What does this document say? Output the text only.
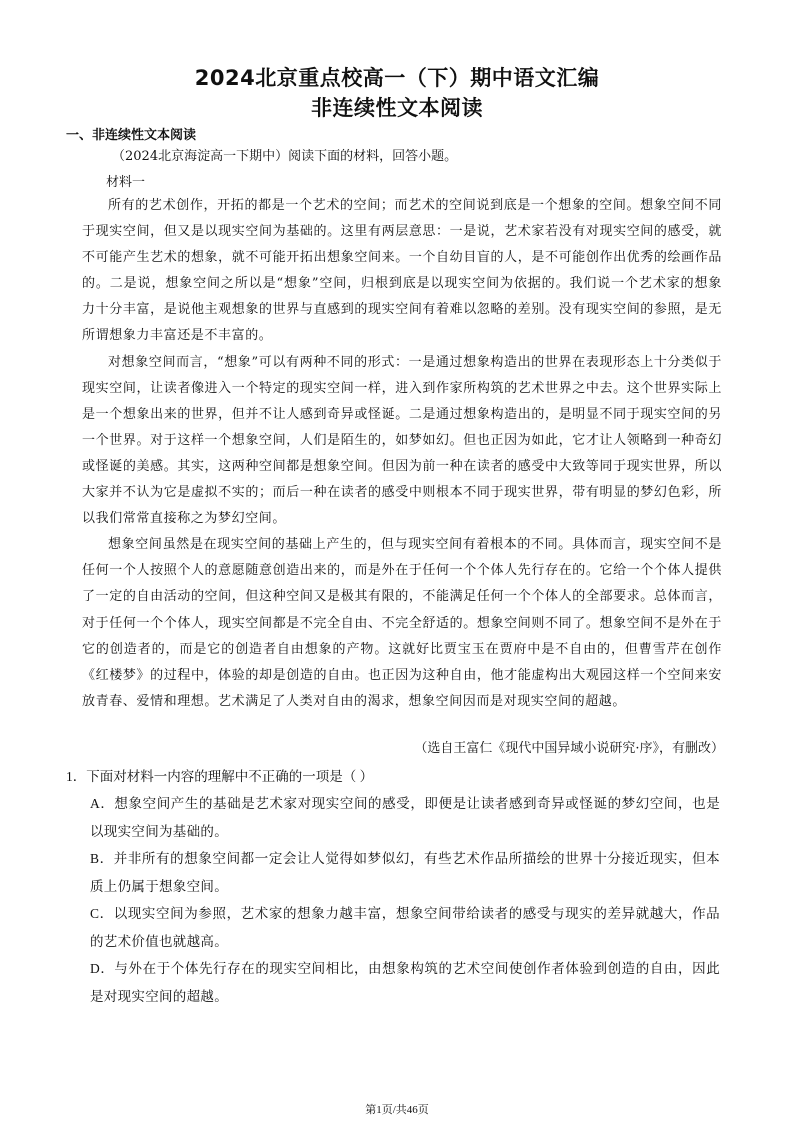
2024北京重点校高一（下）期中语文汇编
非连续性文本阅读
一、非连续性文本阅读
（2024北京海淀高一下期中）阅读下面的材料，回答小题。
材料一

所有的艺术创作，开拓的都是一个艺术的空间；而艺术的空间说到底是一个想象的空间。想象空间不同于现实空间，但又是以现实空间为基础的。这里有两层意思：一是说，艺术家若没有对现实空间的感受，就不可能产生艺术的想象，就不可能开拓出想象空间来。一个自幼目盲的人，是不可能创作出优秀的绘画作品的。二是说，想象空间之所以是“想象”空间，归根到底是以现实空间为依据的。我们说一个艺术家的想象力十分丰富，是说他主观想象的世界与直感到的现实空间有着难以忽略的差别。没有现实空间的参照，是无所谓想象力丰富还是不丰富的。

对想象空间而言，“想象”可以有两种不同的形式：一是通过想象构造出的世界在表现形态上十分类似于现实空间，让读者像进入一个特定的现实空间一样，进入到作家所构筑的艺术世界之中去。这个世界实际上是一个想象出来的世界，但并不让人感到奇异或怪诞。二是通过想象构造出的，是明显不同于现实空间的另一个世界。对于这样一个想象空间，人们是陌生的，如梦如幻。但也正因为如此，它才让人领略到一种奇幻或怪诞的美感。其实，这两种空间都是想象空间。但因为前一种在读者的感受中大致等同于现实世界，所以大家并不认为它是虚拟不实的；而后一种在读者的感受中则根本不同于现实世界，带有明显的梦幻色彩，所以我们常常直接称之为梦幻空间。

想象空间虽然是在现实空间的基础上产生的，但与现实空间有着根本的不同。具体而言，现实空间不是任何一个人按照个人的意愿随意创造出来的，而是外在于任何一个个体人先行存在的。它给一个个体人提供了一定的自由活动的空间，但这种空间又是极其有限的，不能满足任何一个个体人的全部要求。总体而言，对于任何一个个体人，现实空间都是不完全自由、不完全舒适的。想象空间则不同了。想象空间不是外在于它的创造者的，而是它的创造者自由想象的产物。这就好比贾宝玉在贾府中是不自由的，但曹雪芹在创作《红楼梦》的过程中，体验的却是创造的自由。也正因为这种自由，他才能虚构出大观园这样一个空间来安放青春、爱情和理想。艺术满足了人类对自由的渴求，想象空间因而是对现实空间的超越。

（选自王富仁《现代中国异域小说研究·序》，有删改）
1．下面对材料一内容的理解中不正确的一项是（ ）

A．想象空间产生的基础是艺术家对现实空间的感受，即便是让读者感到奇异或怪诞的梦幻空间，也是以现实空间为基础的。

B．并非所有的想象空间都一定会让人觉得如梦似幻，有些艺术作品所描绘的世界十分接近现实，但本质上仍属于想象空间。

C．以现实空间为参照，艺术家的想象力越丰富，想象空间带给读者的感受与现实的差异就越大，作品的艺术价值也就越高。

D．与外在于个体先行存在的现实空间相比，由想象构筑的艺术空间使创作者体验到创造的自由，因此是对现实空间的超越。

第1页/共46页
